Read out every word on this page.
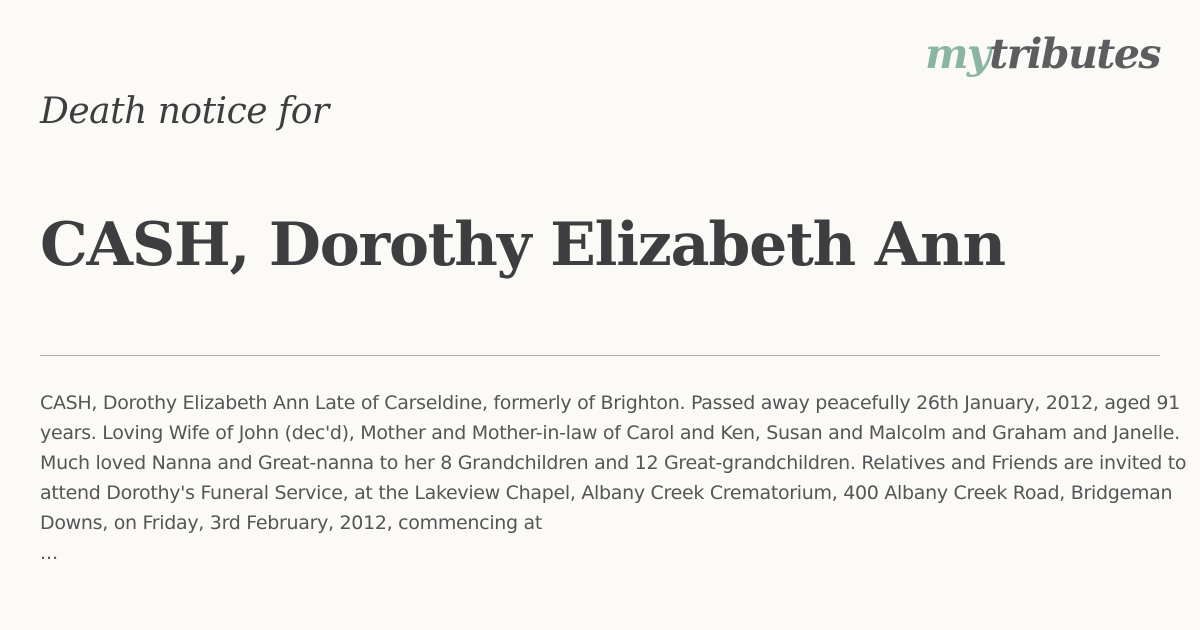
mytributes
Death notice for
CASH, Dorothy Elizabeth Ann

CASH, Dorothy Elizabeth Ann Late of Carseldine, formerly of Brighton. Passed away peacefully 26th January, 2012, aged 91 years. Loving Wife of John (dec'd), Mother and Mother-in-law of Carol and Ken, Susan and Malcolm and Graham and Janelle. Much loved Nanna and Great-nanna to her 8 Grandchildren and 12 Great-grandchildren. Relatives and Friends are invited to attend Dorothy's Funeral Service, at the Lakeview Chapel, Albany Creek Crematorium, 400 Albany Creek Road, Bridgeman Downs, on Friday, 3rd February, 2012, commencing at

...
